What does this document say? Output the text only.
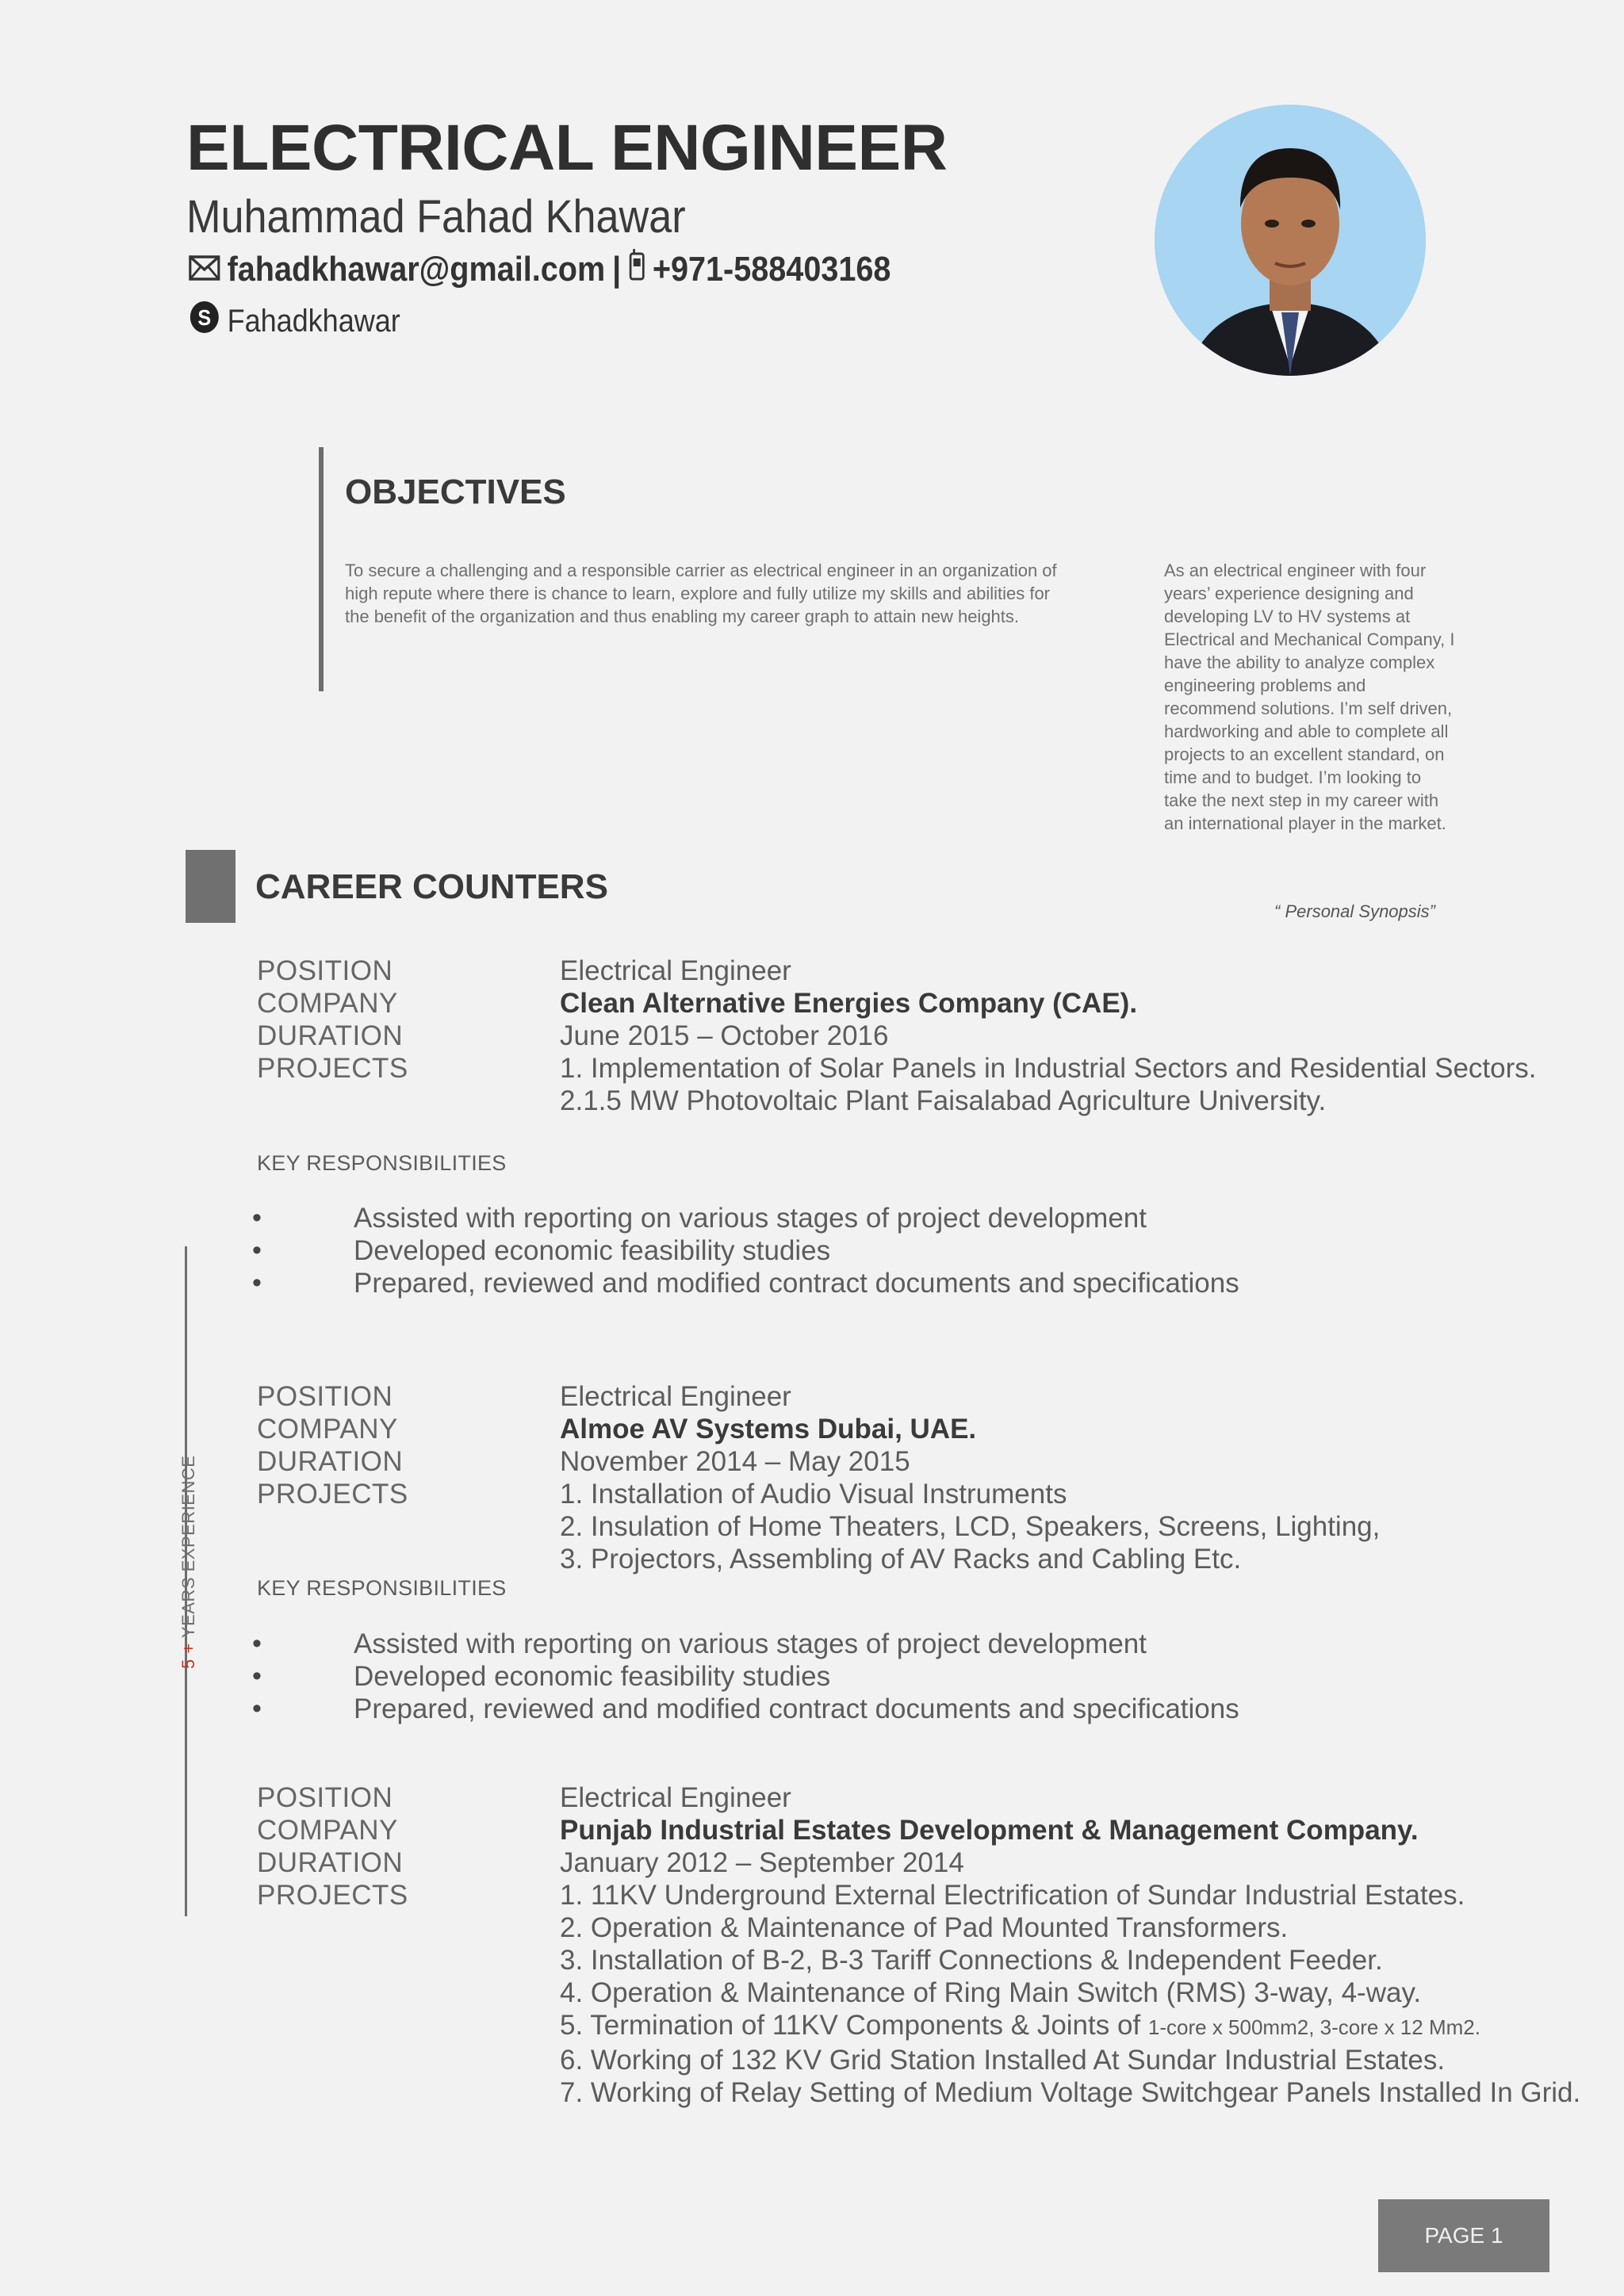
ELECTRICAL ENGINEER
Muhammad Fahad Khawar
fahadkhawar@gmail.com | +971-588403168
S Fahadkhawar
OBJECTIVES
To secure a challenging and a responsible carrier as electrical engineer in an organization of high repute where there is chance to learn, explore and fully utilize my skills and abilities for the benefit of the organization and thus enabling my career graph to attain new heights.
As an electrical engineer with four years’ experience designing and developing LV to HV systems at Electrical and Mechanical Company, I have the ability to analyze complex engineering problems and recommend solutions. I’m self driven, hardworking and able to complete all projects to an excellent standard, on time and to budget. I’m looking to take the next step in my career with an international player in the market.
“ Personal Synopsis”
CAREER COUNTERS
5 + YEARS EXPERIENCE
POSITION	Electrical Engineer
COMPANY	Clean Alternative Energies Company (CAE).
DURATION	June 2015 – October 2016
PROJECTS	1. Implementation of Solar Panels in Industrial Sectors and Residential Sectors.
2.1.5 MW Photovoltaic Plant Faisalabad Agriculture University.
KEY RESPONSIBILITIES
• Assisted with reporting on various stages of project development
• Developed economic feasibility studies
• Prepared, reviewed and modified contract documents and specifications
POSITION	Electrical Engineer
COMPANY	Almoe AV Systems Dubai, UAE.
DURATION	November 2014 – May 2015
PROJECTS	1. Installation of Audio Visual Instruments
2. Insulation of Home Theaters, LCD, Speakers, Screens, Lighting,
3. Projectors, Assembling of AV Racks and Cabling Etc.
KEY RESPONSIBILITIES
• Assisted with reporting on various stages of project development
• Developed economic feasibility studies
• Prepared, reviewed and modified contract documents and specifications
POSITION	Electrical Engineer
COMPANY	Punjab Industrial Estates Development & Management Company.
DURATION	January 2012 – September 2014
PROJECTS	1. 11KV Underground External Electrification of Sundar Industrial Estates.
2. Operation & Maintenance of Pad Mounted Transformers.
3. Installation of B-2, B-3 Tariff Connections & Independent Feeder.
4. Operation & Maintenance of Ring Main Switch (RMS) 3-way, 4-way.
5. Termination of 11KV Components & Joints of 1-core x 500mm2, 3-core x 12 Mm2.
6. Working of 132 KV Grid Station Installed At Sundar Industrial Estates.
7. Working of Relay Setting of Medium Voltage Switchgear Panels Installed In Grid.
PAGE 1
